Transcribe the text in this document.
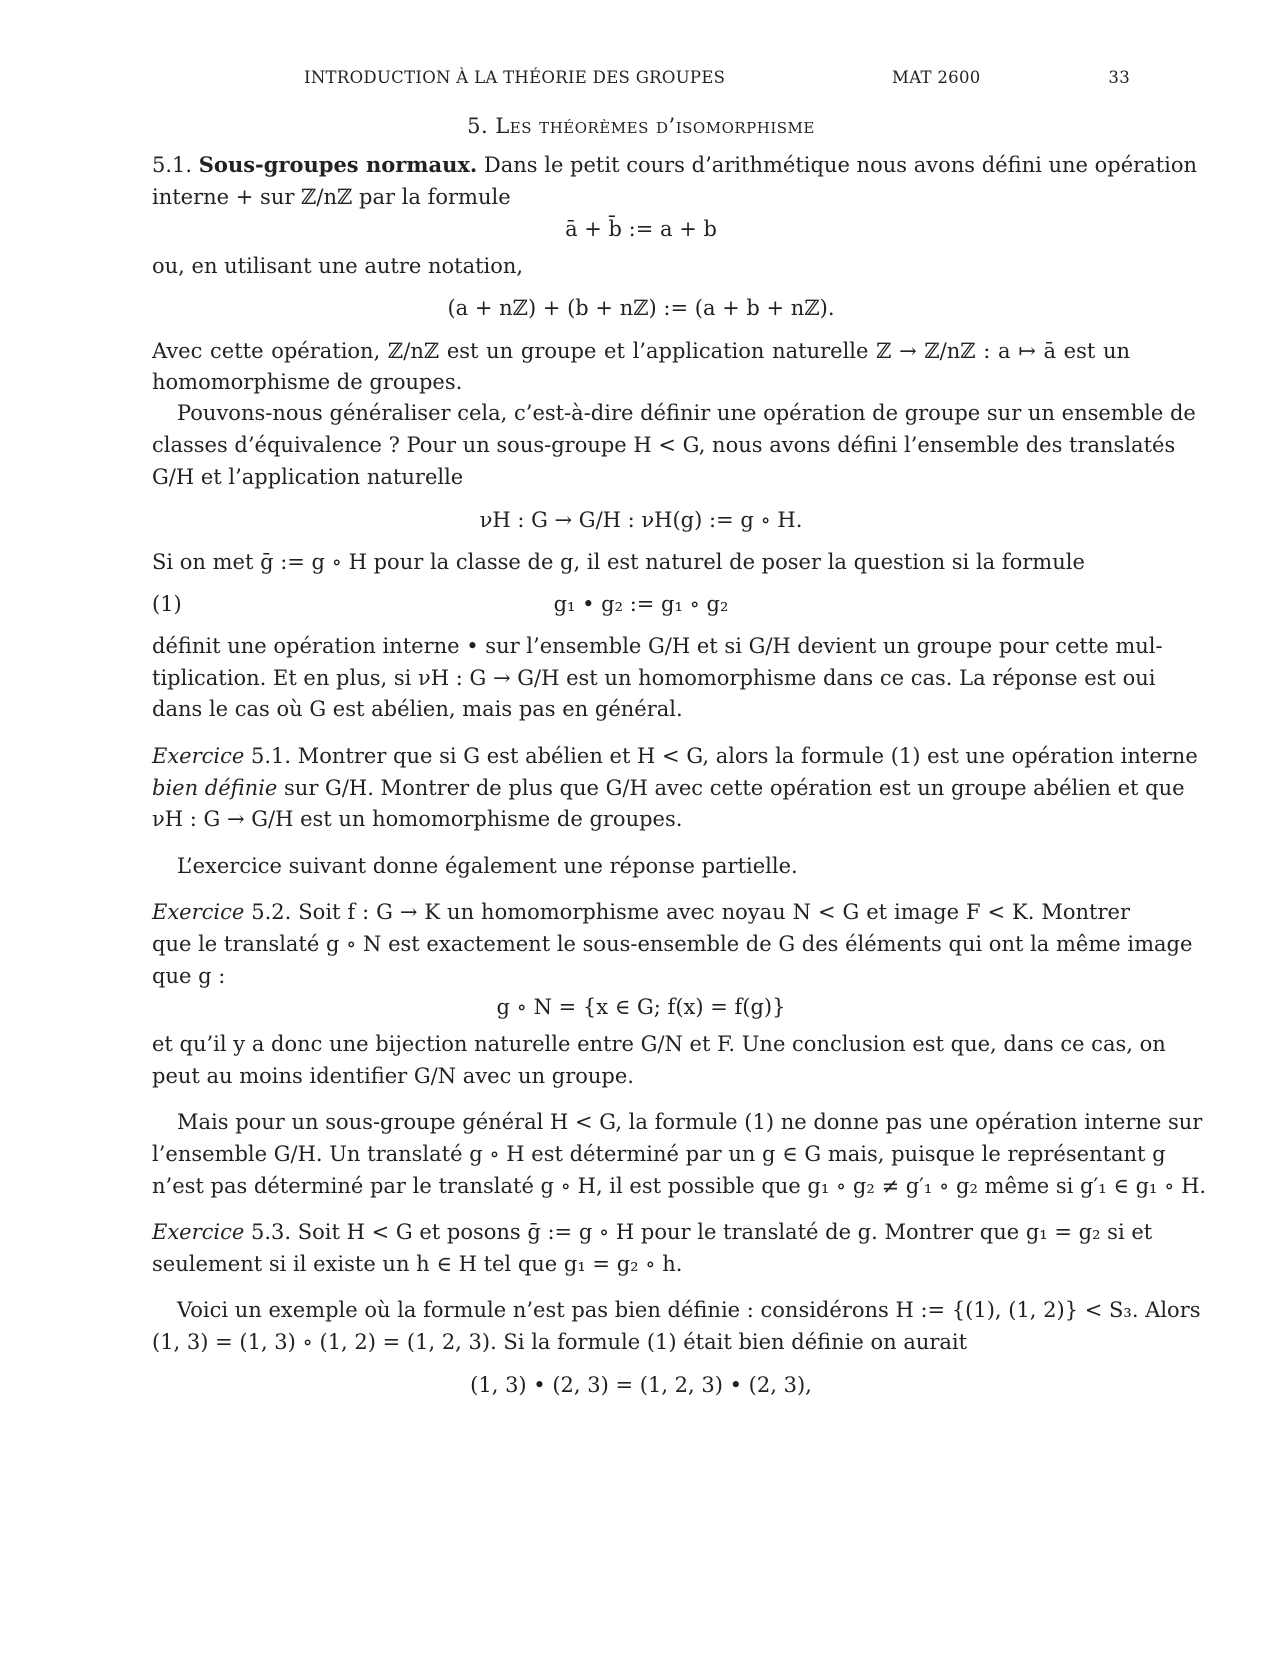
INTRODUCTION À LA THÉORIE DES GROUPES	MAT 2600	33
5. Les théorèmes d’isomorphisme
5.1. Sous-groupes normaux. Dans le petit cours d’arithmétique nous avons défini une opération
interne + sur ℤ/nℤ par la formule
ā + b̄ := a + b
ou, en utilisant une autre notation,
(a + nℤ) + (b + nℤ) := (a + b + nℤ).
Avec cette opération, ℤ/nℤ est un groupe et l’application naturelle ℤ → ℤ/nℤ : a ↦ ā est un
homomorphisme de groupes.
Pouvons-nous généraliser cela, c’est-à-dire définir une opération de groupe sur un ensemble de
classes d’équivalence ? Pour un sous-groupe H < G, nous avons défini l’ensemble des translatés
G/H et l’application naturelle
νH : G → G/H : νH(g) := g ∘ H.
Si on met ḡ := g ∘ H pour la classe de g, il est naturel de poser la question si la formule
(1)	g₁ • g₂ := g₁ ∘ g₂
définit une opération interne • sur l’ensemble G/H et si G/H devient un groupe pour cette mul-
tiplication. Et en plus, si νH : G → G/H est un homomorphisme dans ce cas. La réponse est oui
dans le cas où G est abélien, mais pas en général.
Exercice 5.1. Montrer que si G est abélien et H < G, alors la formule (1) est une opération interne
bien définie sur G/H. Montrer de plus que G/H avec cette opération est un groupe abélien et que
νH : G → G/H est un homomorphisme de groupes.
L’exercice suivant donne également une réponse partielle.
Exercice 5.2. Soit f : G → K un homomorphisme avec noyau N < G et image F < K. Montrer
que le translaté g ∘ N est exactement le sous-ensemble de G des éléments qui ont la même image
que g :
g ∘ N = {x ∈ G; f(x) = f(g)}
et qu’il y a donc une bijection naturelle entre G/N et F. Une conclusion est que, dans ce cas, on
peut au moins identifier G/N avec un groupe.
Mais pour un sous-groupe général H < G, la formule (1) ne donne pas une opération interne sur
l’ensemble G/H. Un translaté g ∘ H est déterminé par un g ∈ G mais, puisque le représentant g
n’est pas déterminé par le translaté g ∘ H, il est possible que g₁ ∘ g₂ ≠ g′₁ ∘ g₂ même si g′₁ ∈ g₁ ∘ H.
Exercice 5.3. Soit H < G et posons ḡ := g ∘ H pour le translaté de g. Montrer que g₁ = g₂ si et
seulement si il existe un h ∈ H tel que g₁ = g₂ ∘ h.
Voici un exemple où la formule n’est pas bien définie : considérons H := {(1), (1, 2)} < S₃. Alors
(1, 3) = (1, 3) ∘ (1, 2) = (1, 2, 3). Si la formule (1) était bien définie on aurait
(1, 3) • (2, 3) = (1, 2, 3) • (2, 3),
